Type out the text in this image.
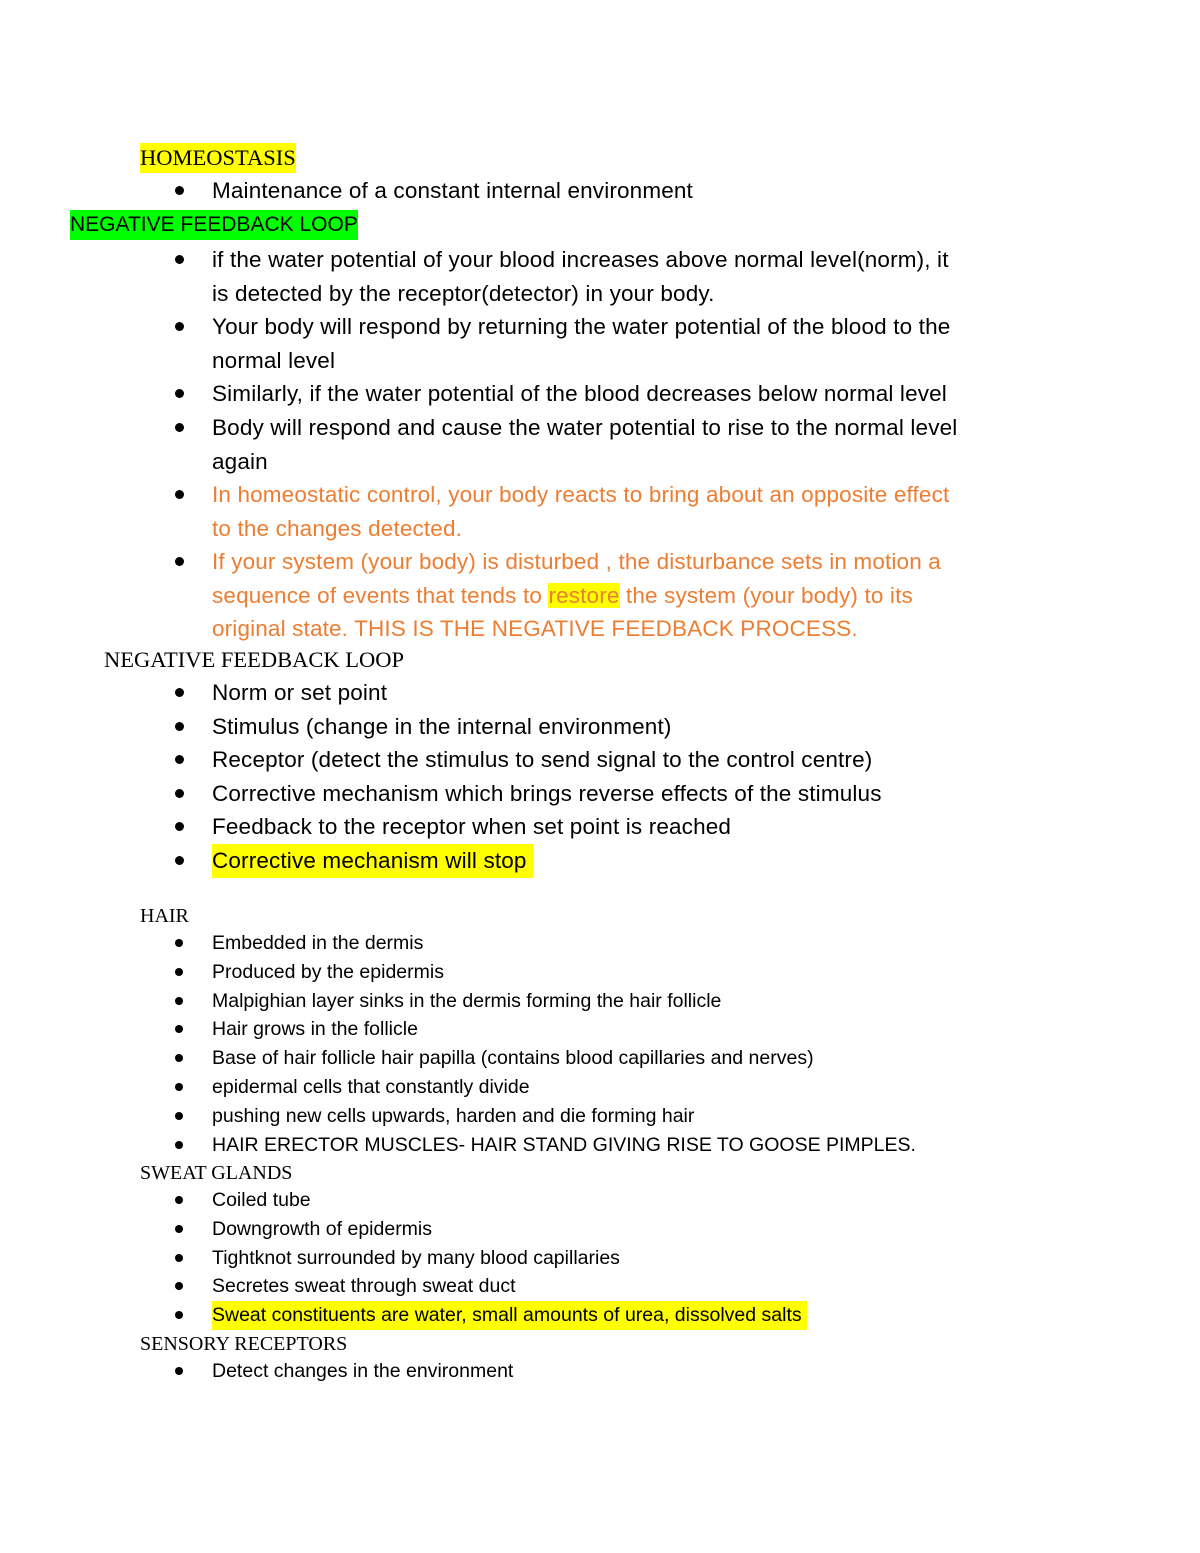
HOMEOSTASIS
Maintenance of a constant internal environment
NEGATIVE FEEDBACK LOOP
if the water potential of your blood increases above normal level(norm), it
is detected by the receptor(detector) in your body.
Your body will respond by returning the water potential of the blood to the
normal level
Similarly, if the water potential of the blood decreases below normal level
Body will respond and cause the water potential to rise to the normal level
again
In homeostatic control, your body reacts to bring about an opposite effect
to the changes detected.
If your system (your body) is disturbed , the disturbance sets in motion a
sequence of events that tends to restore the system (your body) to its
original state. THIS IS THE NEGATIVE FEEDBACK PROCESS.
NEGATIVE FEEDBACK LOOP
Norm or set point
Stimulus (change in the internal environment)
Receptor (detect the stimulus to send signal to the control centre)
Corrective mechanism which brings reverse effects of the stimulus
Feedback to the receptor when set point is reached
Corrective mechanism will stop
HAIR
Embedded in the dermis
Produced by the epidermis
Malpighian layer sinks in the dermis forming the hair follicle
Hair grows in the follicle
Base of hair follicle hair papilla (contains blood capillaries and nerves)
epidermal cells that constantly divide
pushing new cells upwards, harden and die forming hair
HAIR ERECTOR MUSCLES- HAIR STAND GIVING RISE TO GOOSE PIMPLES.
SWEAT GLANDS
Coiled tube
Downgrowth of epidermis
Tightknot surrounded by many blood capillaries
Secretes sweat through sweat duct
Sweat constituents are water, small amounts of urea, dissolved salts
SENSORY RECEPTORS
Detect changes in the environment
